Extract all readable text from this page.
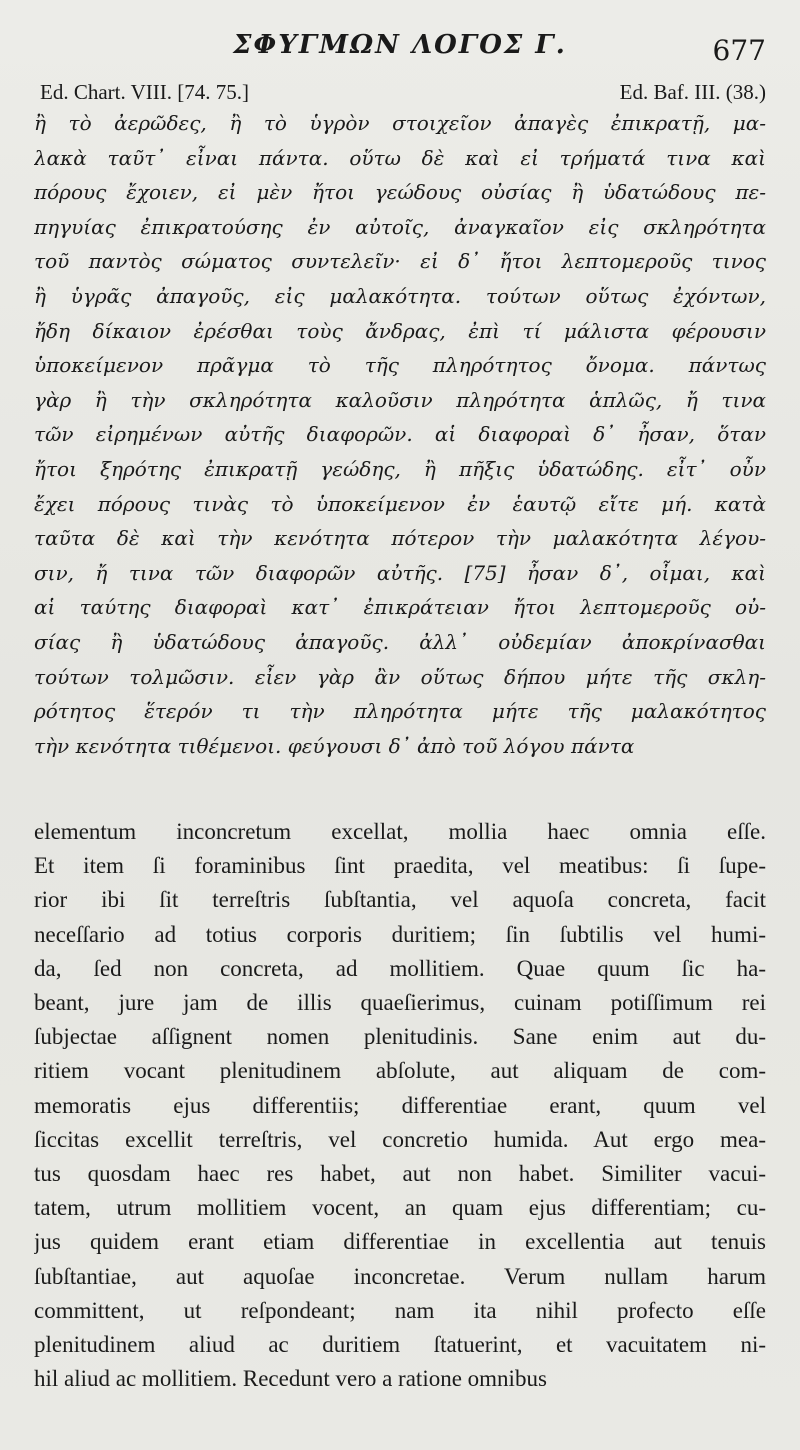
ΣΦΥΓΜΩΝ ΛΟΓΟΣ Γ.	677
Ed. Chart. VIII. [74. 75.]	Ed. Baf. III. (38.)
ἢ τὸ ἀερῶδες, ἢ τὸ ὑγρὸν στοιχεῖον ἀπαγὲς ἐπικρατῇ, μα-
λακὰ ταῦτ᾽ εἶναι πάντα. οὕτω δὲ καὶ εἰ τρήματά τινα καὶ
πόρους ἔχοιεν, εἰ μὲν ἤτοι γεώδους οὐσίας ἢ ὑδατώδους πε-
πηγυίας ἐπικρατούσης ἐν αὐτοῖς, ἀναγκαῖον εἰς σκληρότητα
τοῦ παντὸς σώματος συντελεῖν· εἰ δ᾽ ἤτοι λεπτομεροῦς τινος
ἢ ὑγρᾶς ἀπαγοῦς, εἰς μαλακότητα. τούτων οὕτως ἐχόντων,
ἤδη δίκαιον ἐρέσθαι τοὺς ἄνδρας, ἐπὶ τί μάλιστα φέρουσιν
ὑποκείμενον πρᾶγμα τὸ τῆς πληρότητος ὄνομα. πάντως
γὰρ ἢ τὴν σκληρότητα καλοῦσιν πληρότητα ἁπλῶς, ἤ τινα
τῶν εἰρημένων αὐτῆς διαφορῶν. αἱ διαφοραὶ δ᾽ ἦσαν, ὅταν
ἤτοι ξηρότης ἐπικρατῇ γεώδης, ἢ πῆξις ὑδατώδης. εἶτ᾽ οὖν
ἔχει πόρους τινὰς τὸ ὑποκείμενον ἐν ἑαυτῷ εἴτε μή. κατὰ
ταῦτα δὲ καὶ τὴν κενότητα πότερον τὴν μαλακότητα λέγου-
σιν, ἤ τινα τῶν διαφορῶν αὐτῆς. [75] ἦσαν δ᾽, οἶμαι, καὶ
αἱ ταύτης διαφοραὶ κατ᾽ ἐπικράτειαν ἤτοι λεπτομεροῦς οὐ-
σίας ἢ ὑδατώδους ἀπαγοῦς. ἀλλ᾽ οὐδεμίαν ἀποκρίνασθαι
τούτων τολμῶσιν. εἶεν γὰρ ἂν οὕτως δήπου μήτε τῆς σκλη-
ρότητος ἕτερόν τι τὴν πληρότητα μήτε τῆς μαλακότητος
τὴν κενότητα τιθέμενοι. φεύγουσι δ᾽ ἀπὸ τοῦ λόγου πάντα
elementum inconcretum excellat, mollia haec omnia eſſe.
Et item ſi foraminibus ſint praedita, vel meatibus: ſi ſupe-
rior ibi ſit terreſtris ſubſtantia, vel aquoſa concreta, facit
neceſſario ad totius corporis duritiem; ſin ſubtilis vel humi-
da, ſed non concreta, ad mollitiem. Quae quum ſic ha-
beant, jure jam de illis quaeſierimus, cuinam potiſſimum rei
ſubjectae aſſignent nomen plenitudinis. Sane enim aut du-
ritiem vocant plenitudinem abſolute, aut aliquam de com-
memoratis ejus differentiis; differentiae erant, quum vel
ſiccitas excellit terreſtris, vel concretio humida. Aut ergo mea-
tus quosdam haec res habet, aut non habet. Similiter vacui-
tatem, utrum mollitiem vocent, an quam ejus differentiam; cu-
jus quidem erant etiam differentiae in excellentia aut tenuis
ſubſtantiae, aut aquoſae inconcretae. Verum nullam harum
committent, ut reſpondeant; nam ita nihil profecto eſſe
plenitudinem aliud ac duritiem ſtatuerint, et vacuitatem ni-
hil aliud ac mollitiem. Recedunt vero a ratione omnibus
